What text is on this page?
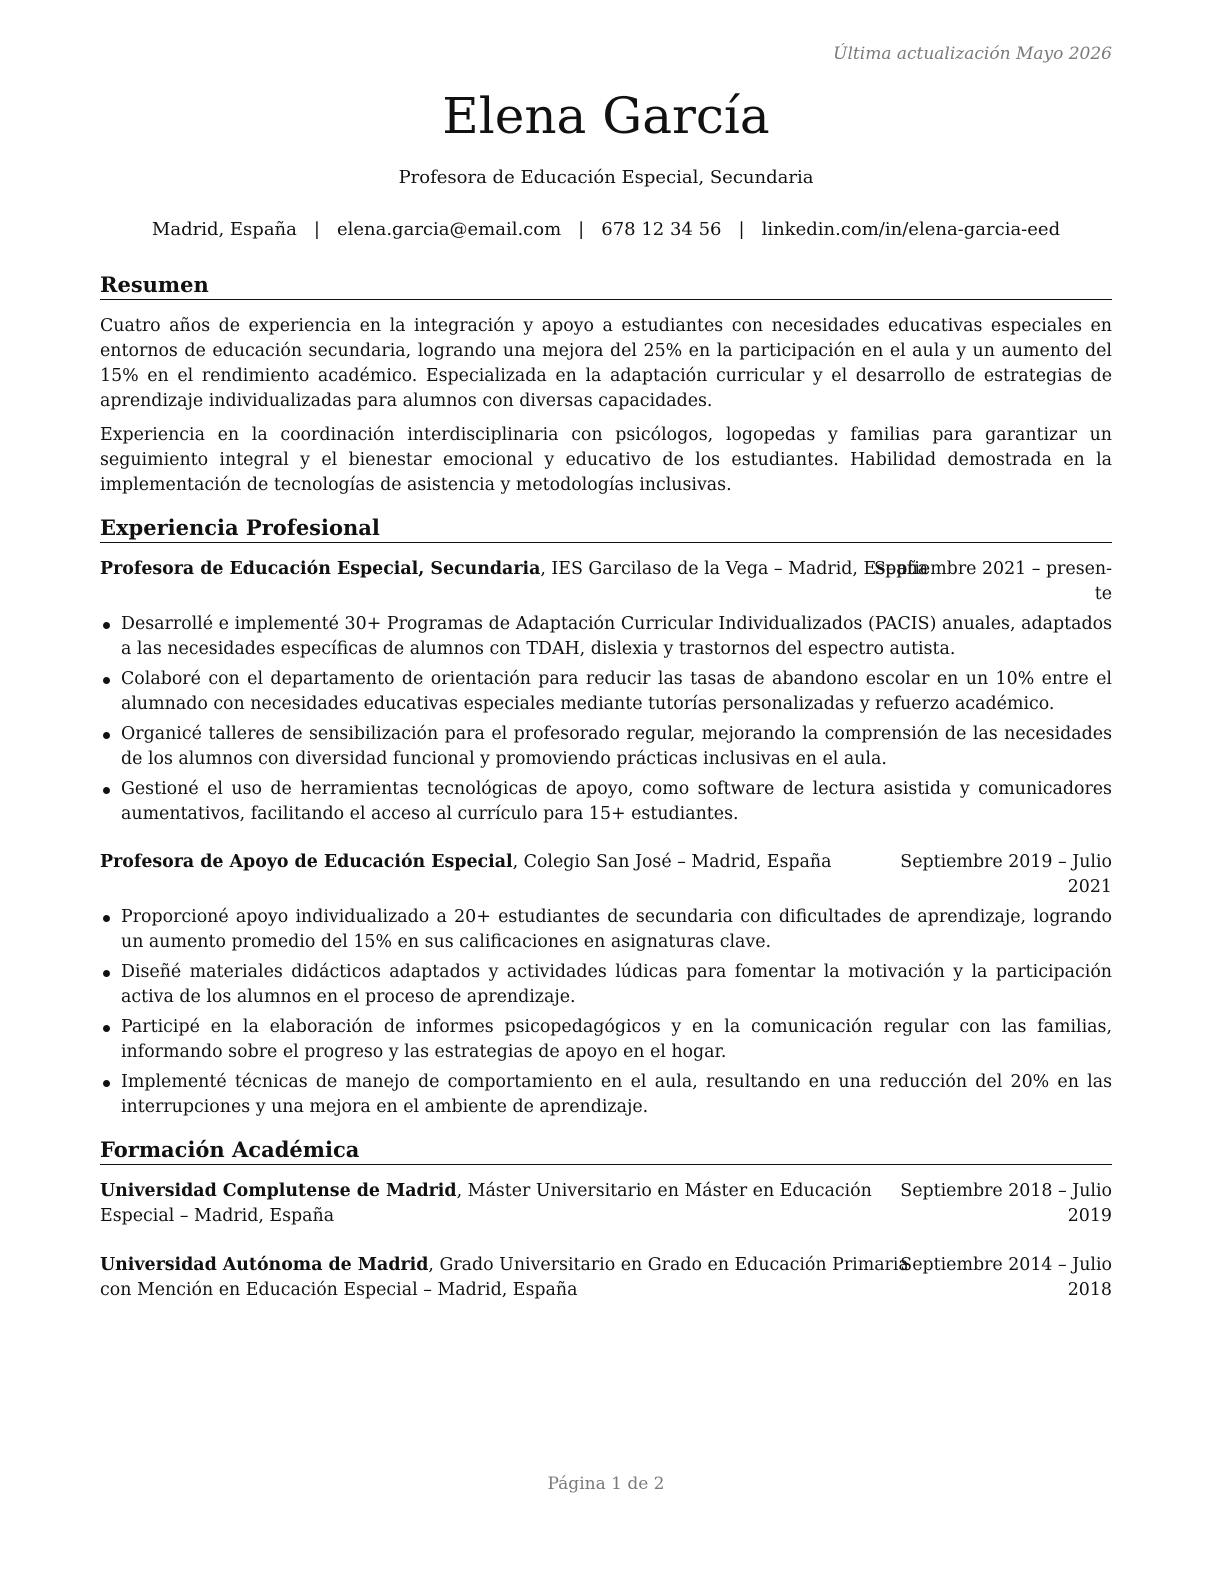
Última actualización Mayo 2026
Elena García
Profesora de Educación Especial, Secundaria
Madrid, España | elena.garcia@email.com | 678 12 34 56 | linkedin.com/in/elena-garcia-eed
Resumen

Cuatro años de experiencia en la integración y apoyo a estudiantes con necesidades educativas especiales en entornos de educación secundaria, logrando una mejora del 25% en la participación en el aula y un aumento del 15% en el rendimiento académico. Especializada en la adaptación curricular y el desarrollo de estrategias de aprendizaje individualizadas para alumnos con diversas capacidades.

Experiencia en la coordinación interdisciplinaria con psicólogos, logopedas y familias para garantizar un seguimiento integral y el bienestar emocional y educativo de los estudiantes. Habilidad demostrada en la implementación de tecnologías de asistencia y metodologías inclusivas.

Experiencia Profesional
Profesora de Educación Especial, Secundaria, IES Garcilaso de la Vega – Madrid, España
Septiembre 2021 – presen-
te
Desarrollé e implementé 30+ Programas de Adaptación Curricular Individualizados (PACIS) anuales, adaptados a las necesidades específicas de alumnos con TDAH, dislexia y trastornos del espectro autista.
Colaboré con el departamento de orientación para reducir las tasas de abandono escolar en un 10% entre el alumnado con necesidades educativas especiales mediante tutorías personalizadas y refuerzo académico.
Organicé talleres de sensibilización para el profesorado regular, mejorando la comprensión de las necesidades de los alumnos con diversidad funcional y promoviendo prácticas inclusivas en el aula.
Gestioné el uso de herramientas tecnológicas de apoyo, como software de lectura asistida y comunicadores aumentativos, facilitando el acceso al currículo para 15+ estudiantes.
Profesora de Apoyo de Educación Especial, Colegio San José – Madrid, España	Septiembre 2019 – Julio
2021
Proporcioné apoyo individualizado a 20+ estudiantes de secundaria con dificultades de aprendizaje, logrando un aumento promedio del 15% en sus calificaciones en asignaturas clave.
Diseñé materiales didácticos adaptados y actividades lúdicas para fomentar la motivación y la participación activa de los alumnos en el proceso de aprendizaje.
Participé en la elaboración de informes psicopedagógicos y en la comunicación regular con las familias, informando sobre el progreso y las estrategias de apoyo en el hogar.
Implementé técnicas de manejo de comportamiento en el aula, resultando en una reducción del 20% en las interrupciones y una mejora en el ambiente de aprendizaje.
Formación Académica
Universidad Complutense de Madrid, Máster Universitario en Máster en Educación
Especial – Madrid, España
Septiembre 2018 – Julio
2019
Universidad Autónoma de Madrid, Grado Universitario en Grado en Educación Primaria
con Mención en Educación Especial – Madrid, España
Septiembre 2014 – Julio
2018
Página 1 de 2
